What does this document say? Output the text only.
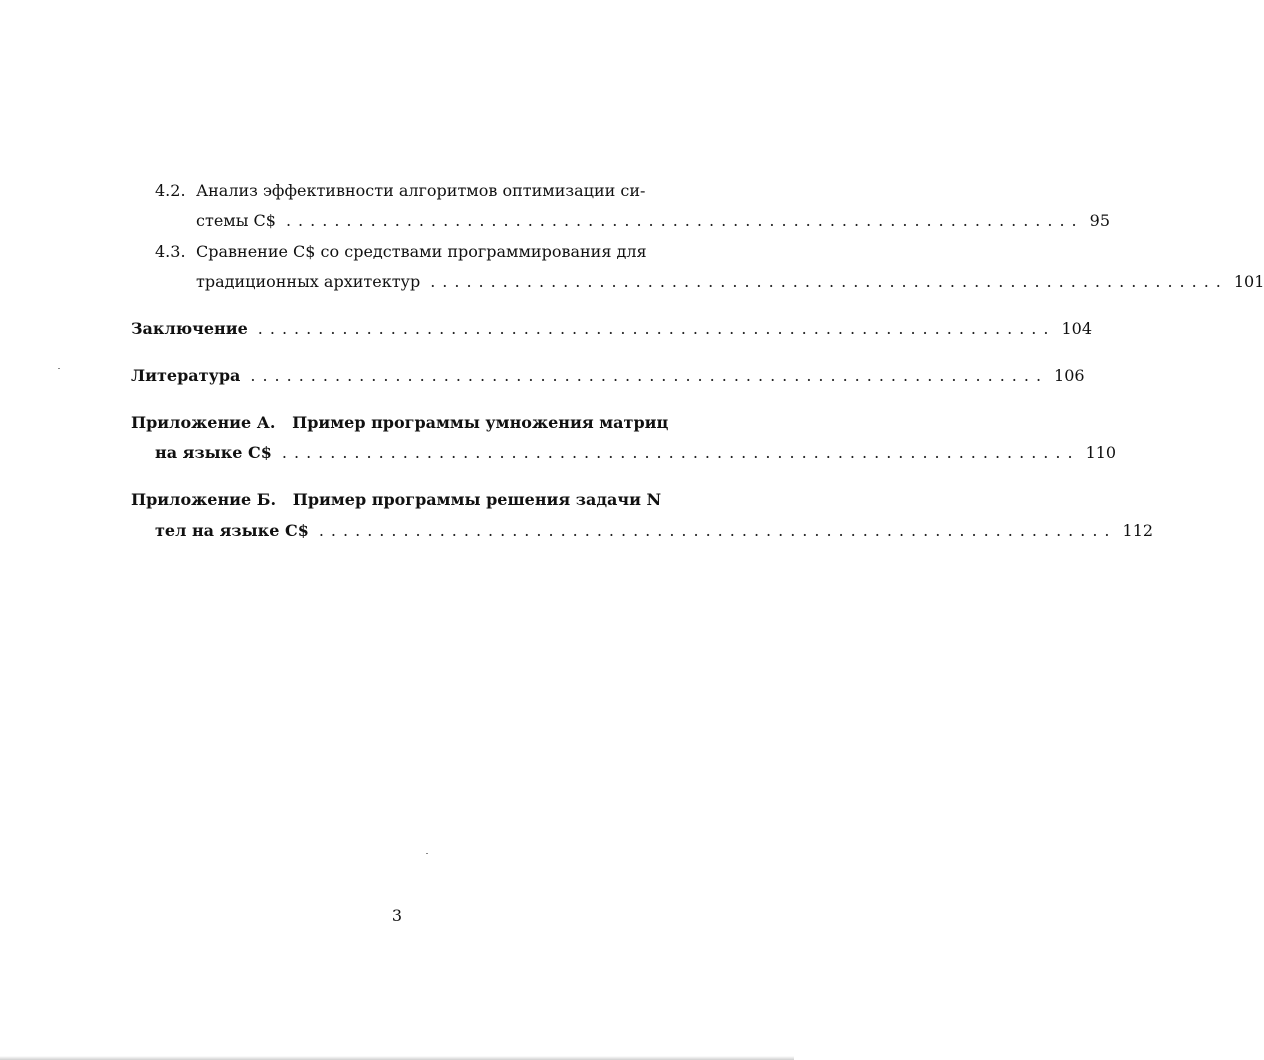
4.2. Анализ эффективности алгоритмов оптимизации си-
стемы C$ .................................................................. 95
4.3. Сравнение C$ со средствами программирования для
традиционных архитектур .................................................................. 101
Заключение .................................................................. 104
Литература .................................................................. 106
Приложение А.   Пример программы умножения матриц
на языке C$ .................................................................. 110
Приложение Б.   Пример программы решения задачи N
тел на языке C$ .................................................................. 112
3
